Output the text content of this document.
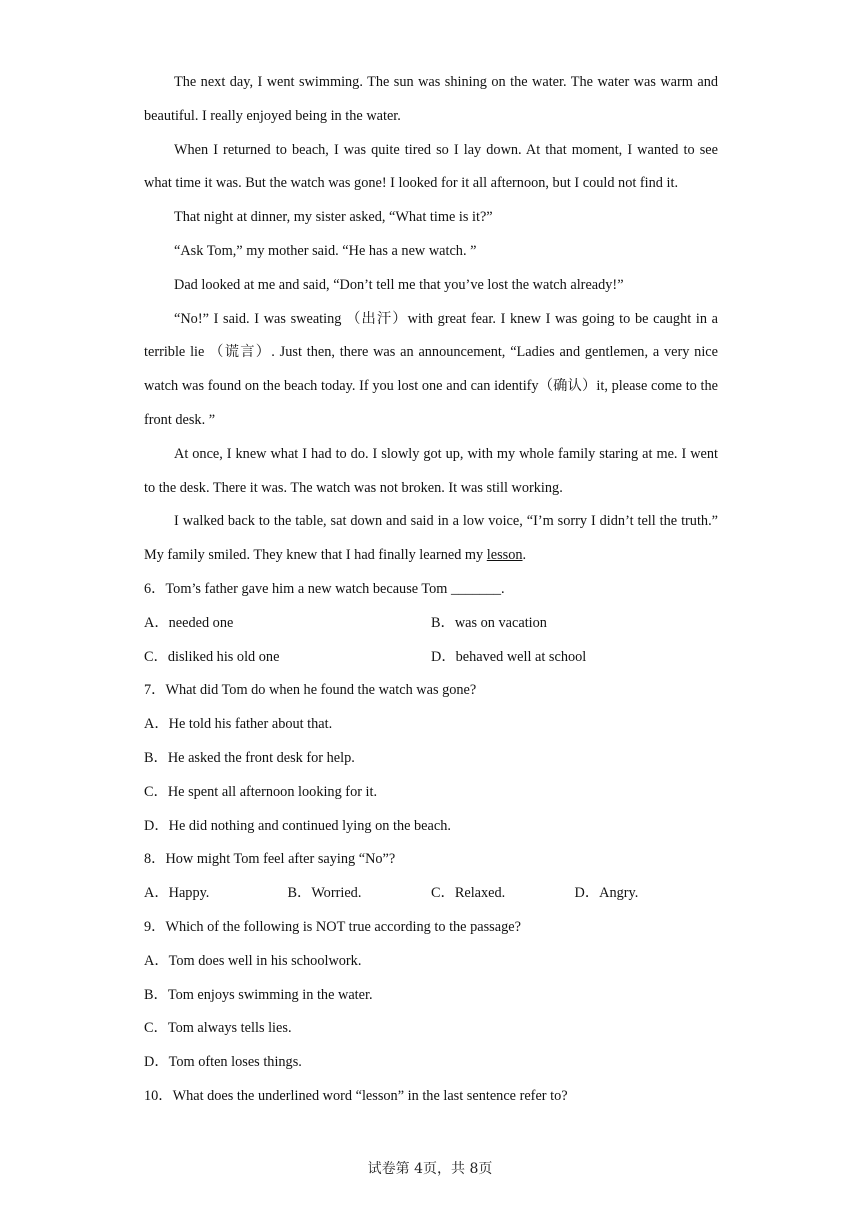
The next day, I went swimming. The sun was shining on the water. The water was warm and beautiful. I really enjoyed being in the water.

When I returned to beach, I was quite tired so I lay down. At that moment, I wanted to see what time it was. But the watch was gone! I looked for it all afternoon, but I could not find it.

That night at dinner, my sister asked, “What time is it?”

“Ask Tom,” my mother said. “He has a new watch. ”

Dad looked at me and said, “Don’t tell me that you’ve lost the watch already!”

“No!” I said. I was sweating （出汗）with great fear. I knew I was going to be caught in a terrible lie （谎言）. Just then, there was an announcement, “Ladies and gentlemen, a very nice watch was found on the beach today. If you lost one and can identify（确认）it, please come to the front desk. ”

At once, I knew what I had to do. I slowly got up, with my whole family staring at me. I went to the desk. There it was. The watch was not broken. It was still working.

I walked back to the table, sat down and said in a low voice, “I’m sorry I didn’t tell the truth.” My family smiled. They knew that I had finally learned my lesson.

6．Tom’s father gave him a new watch because Tom _______.

A．needed one	B．was on vacation
C．disliked his old one	D．behaved well at school

7．What did Tom do when he found the watch was gone?

A．He told his father about that.

B．He asked the front desk for help.

C．He spent all afternoon looking for it.

D．He did nothing and continued lying on the beach.

8．How might Tom feel after saying “No”?

A．Happy.	B．Worried.	C．Relaxed.	D．Angry.

9．Which of the following is NOT true according to the passage?

A．Tom does well in his schoolwork.

B．Tom enjoys swimming in the water.

C．Tom always tells lies.

D．Tom often loses things.

10．What does the underlined word “lesson” in the last sentence refer to?

试卷第 4页，共 8页
